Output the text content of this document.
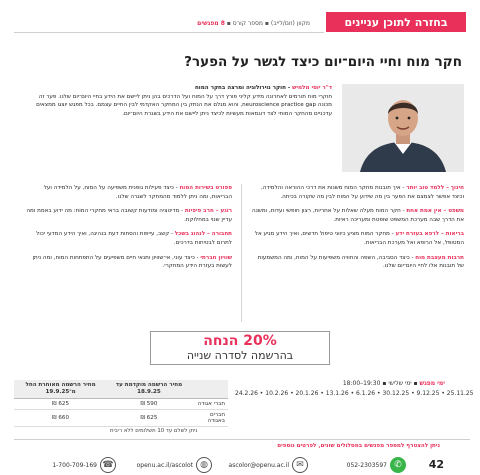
בחזרה לתוכן עניינים
מקוון (זום/לייב) ▪ מספר קורס ▪ 8 מפגשים
חקר מוח וחיי היום־יום כיצד לגשר על הפער?
ד"ר יוסי מלמיש - חוקר נוירולוגיה ומרצה בחקר המוח
חוקרי מוח תורמים לאחרונה מידע קליני פורץ דרך על המוח ועל הדרכים בהן ניתן ליישם את הידע בחיי היום־יום שלנו. פער זה מכונה neuroscience practice gap, והוא מגלם את הנתק בין המחקר האקדמי לבין החיים עצמם. בכל מפגש יוצגו ממצאים עדכניים מהחקר המוחי לצד דוגמאות מעשיות לכיצד ניתן ליישם את הידע בשגרת היום־יום.
חינוך – ללמד טוב יותר - איך תובנות מחקר המוח משנות את דרכי ההוראה והלמידה, וכיצד אפשר לצמצם את הפער בין מה שידוע על המוח לבין מה שקורה בכיתה.
משפט – אין אמת אחת - חקר המוח מעלה שאלות על אחריות, רצון חופשי ועדות, ומשנה את הדרך שבה מערכת המשפט שופטת ומעריכה ראיות.
בריאות – לרפא בעזרת ידע - מחקר המוח מציע כיווני טיפול חדשים, ואיך הידע מגיע אל המטופל, אל הרופא ואל מערכת הבריאות.
תרבות מעצבת מוח - כיצד הסביבה, השפה והחוויה משפיעות על המוח, ומה המשמעות של תובנות אלו לחיי היום־יום שלנו.
ספורט בשירות המוח - כיצד פעילות גופנית משפיעה על המוח, על הלמידה ועל הבריאות, ומה ניתן ללמוד מהמחקר לשגרה שלנו.
רוגע – חרב פיפיות - מדיטציה ומודעות קשובה בראי מחקרי המוח: מה ידוע באמת ומה עדיין שנוי במחלוקת.
תחבורה – לנהוג בשכל - קשב, עייפות והסחות דעת בנהיגה, ואיך הידע המדעי יכול לתרום לבטיחות בדרכים.
שוויון חברתי - כיצד עוני, אי־שוויון ותנאי חיים משפיעים על התפתחות המוח, ומה ניתן לעשות בעזרת הידע המחקרי.
20% הנחה
בהרשמה לסדרה שנייה
ימי מפגש ▪ ימי שלישי ▪ 19:30–18:00
24.2.26 • 10.2.26 • 20.1.26 • 13.1.26 • 6.1.26 • 30.12.25 • 9.12.25 • 25.11.25
	מחיר הרשמה מוקדמת עד 18.9.25	מחיר הרשמה מאוחרת החל מ־19.9.25
חברי אגודה	590 ₪	625 ₪
חברים באגודה	625 ₪	660 ₪
ניתן לשלם עד 10 תשלומים ללא ריבית
ניתן להצטרף למספר מפגשים במסלולים שונים, לפרטים נוספים
42
052-2303597 ✆
ascolor@openu.ac.il ✉
openu.ac.il/ascolot ◍
1-700-709-169 ☎
